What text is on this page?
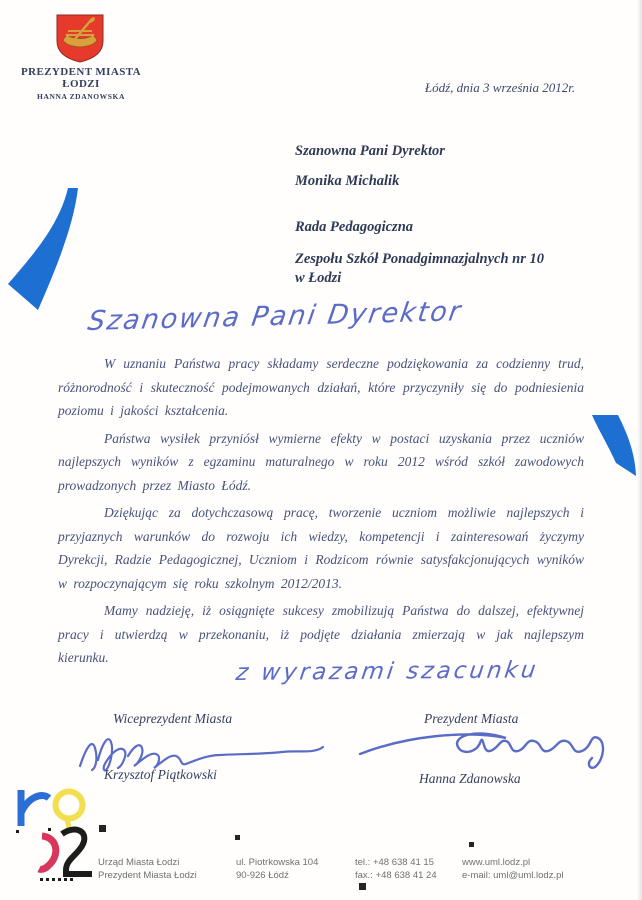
PREZYDENT MIASTA ŁODZI
HANNA ZDANOWSKA
Łódź, dnia 3 września 2012r.
Szanowna Pani Dyrektor
Monika Michalik
Rada Pedagogiczna
Zespołu Szkół Ponadgimnazjalnych nr 10
w Łodzi
Szanowna Pani Dyrektor

W uznaniu Państwa pracy składamy serdeczne podziękowania za codzienny trud, różnorodność i skuteczność podejmowanych działań, które przyczyniły się do podniesienia poziomu i jakości kształcenia.

Państwa wysiłek przyniósł wymierne efekty w postaci uzyskania przez uczniów najlepszych wyników z egzaminu maturalnego w roku 2012 wśród szkół zawodowych prowadzonych przez Miasto Łódź.

Dziękując za dotychczasową pracę, tworzenie uczniom możliwie najlepszych i przyjaznych warunków do rozwoju ich wiedzy, kompetencji i zainteresowań życzymy Dyrekcji, Radzie Pedagogicznej, Uczniom i Rodzicom równie satysfakcjonujących wyników w rozpoczynającym się roku szkolnym 2012/2013.

Mamy nadzieję, iż osiągnięte sukcesy zmobilizują Państwa do dalszej, efektywnej pracy i utwierdzą w przekonaniu, iż podjęte działania zmierzają w jak najlepszym kierunku.	z wyrazami szacunku
Wiceprezydent Miasta
Krzysztof Piątkowski
Prezydent Miasta
Hanna Zdanowska
Urząd Miasta Łodzi
Prezydent Miasta Łodzi
ul. Piotrkowska 104
90-926 Łódź
tel.: +48 638 41 15
fax.: +48 638 41 24
www.uml.lodz.pl
e-mail: uml@uml.lodz.pl
